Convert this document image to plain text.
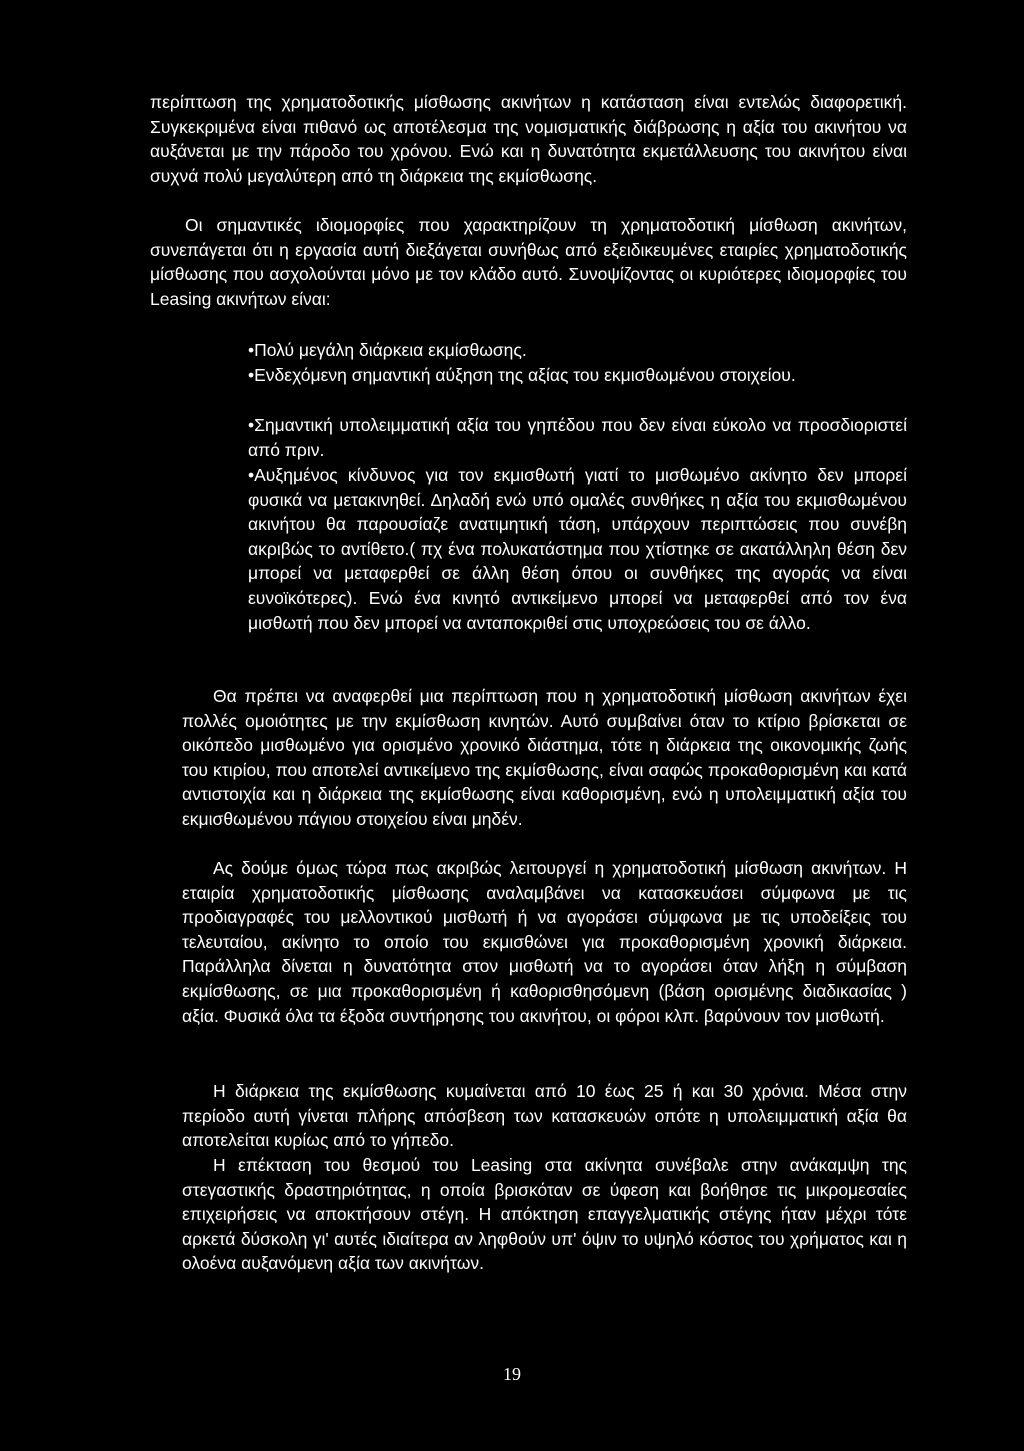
περίπτωση της χρηματοδοτικής μίσθωσης ακινήτων η κατάσταση είναι εντελώς διαφορετική. Συγκεκριμένα είναι πιθανό ως αποτέλεσμα της νομισματικής διάβρωσης η αξία του ακινήτου να αυξάνεται με την πάροδο του χρόνου. Ενώ και η δυνατότητα εκμετάλλευσης του ακινήτου είναι συχνά πολύ μεγαλύτερη από τη διάρκεια της εκμίσθωσης.

Οι σημαντικές ιδιομορφίες που χαρακτηρίζουν τη χρηματοδοτική μίσθωση ακινήτων, συνεπάγεται ότι η εργασία αυτή διεξάγεται συνήθως από εξειδικευμένες εταιρίες χρηματοδοτικής μίσθωσης που ασχολούνται μόνο με τον κλάδο αυτό. Συνοψίζοντας οι κυριότερες ιδιομορφίες του Leasing ακινήτων είναι:

•Πολύ μεγάλη διάρκεια εκμίσθωσης.

•Ενδεχόμενη σημαντική αύξηση της αξίας του εκμισθωμένου στοιχείου.

•Σημαντική υπολειμματική αξία του γηπέδου που δεν είναι εύκολο να προσδιοριστεί από πριν.

•Αυξημένος κίνδυνος για τον εκμισθωτή γιατί το μισθωμένο ακίνητο δεν μπορεί φυσικά να μετακινηθεί. Δηλαδή ενώ υπό ομαλές συνθήκες η αξία του εκμισθωμένου ακινήτου θα παρουσίαζε ανατιμητική τάση, υπάρχουν περιπτώσεις που συνέβη ακριβώς το αντίθετο.( πχ ένα πολυκατάστημα που χτίστηκε σε ακατάλληλη θέση δεν μπορεί να μεταφερθεί σε άλλη θέση όπου οι συνθήκες της αγοράς να είναι ευνοϊκότερες). Ενώ ένα κινητό αντικείμενο μπορεί να μεταφερθεί από τον ένα μισθωτή που δεν μπορεί να ανταποκριθεί στις υποχρεώσεις του σε άλλο.

Θα πρέπει να αναφερθεί μια περίπτωση που η χρηματοδοτική μίσθωση ακινήτων έχει πολλές ομοιότητες με την εκμίσθωση κινητών. Αυτό συμβαίνει όταν το κτίριο βρίσκεται σε οικόπεδο μισθωμένο για ορισμένο χρονικό διάστημα, τότε η διάρκεια της οικονομικής ζωής του κτιρίου, που αποτελεί αντικείμενο της εκμίσθωσης, είναι σαφώς προκαθορισμένη και κατά αντιστοιχία και η διάρκεια της εκμίσθωσης είναι καθορισμένη, ενώ η υπολειμματική αξία του εκμισθωμένου πάγιου στοιχείου είναι μηδέν.

Ας δούμε όμως τώρα πως ακριβώς λειτουργεί η χρηματοδοτική μίσθωση ακινήτων. Η εταιρία χρηματοδοτικής μίσθωσης αναλαμβάνει να κατασκευάσει σύμφωνα με τις προδιαγραφές του μελλοντικού μισθωτή ή να αγοράσει σύμφωνα με τις υποδείξεις του τελευταίου, ακίνητο το οποίο του εκμισθώνει για προκαθορισμένη χρονική διάρκεια. Παράλληλα δίνεται η δυνατότητα στον μισθωτή να το αγοράσει όταν λήξη η σύμβαση εκμίσθωσης, σε μια προκαθορισμένη ή καθορισθησόμενη (βάση ορισμένης διαδικασίας ) αξία. Φυσικά όλα τα έξοδα συντήρησης του ακινήτου, οι φόροι κλπ. βαρύνουν τον μισθωτή.

Η διάρκεια της εκμίσθωσης κυμαίνεται από 10 έως 25 ή και 30 χρόνια. Μέσα στην περίοδο αυτή γίνεται πλήρης απόσβεση των κατασκευών οπότε η υπολειμματική αξία θα αποτελείται κυρίως από το γήπεδο.

Η επέκταση του θεσμού του Leasing στα ακίνητα συνέβαλε στην ανάκαμψη της στεγαστικής δραστηριότητας, η οποία βρισκόταν σε ύφεση και βοήθησε τις μικρομεσαίες επιχειρήσεις να αποκτήσουν στέγη. Η απόκτηση επαγγελματικής στέγης ήταν μέχρι τότε αρκετά δύσκολη γι' αυτές ιδιαίτερα αν ληφθούν υπ' όψιν το υψηλό κόστος του χρήματος και η ολοένα αυξανόμενη αξία των ακινήτων.

19
